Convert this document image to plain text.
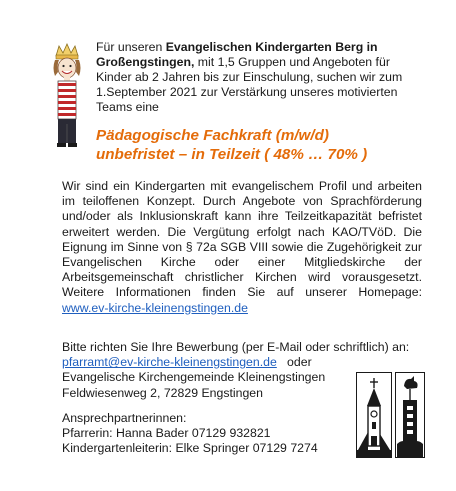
Für unseren Evangelischen Kindergarten Berg in Großengstingen, mit 1,5 Gruppen und Angeboten für Kinder ab 2 Jahren bis zur Einschulung, suchen wir zum 1.September 2021 zur Verstärkung unseres motivierten Teams eine
Pädagogische Fachkraft (m/w/d)
unbefristet – in Teilzeit ( 48% … 70% )
Wir sind ein Kindergarten mit evangelischem Profil und arbeiten im teiloffenen Konzept. Durch Angebote von Sprachförderung und/oder als Inklusionskraft kann ihre Teilzeitkapazität befristet erweitert werden. Die Vergütung erfolgt nach KAO/TVöD. Die Eignung im Sinne von § 72a SGB VIII sowie die Zugehörigkeit zur Evangelischen Kirche oder einer Mitgliedskirche der Arbeitsgemeinschaft christlicher Kirchen wird vorausgesetzt. Weitere Informationen finden Sie auf unserer Homepage: www.ev-kirche-kleinengstingen.de
Bitte richten Sie Ihre Bewerbung (per E-Mail oder schriftlich) an:
pfarramt@ev-kirche-kleinengstingen.de   oder
Evangelische Kirchengemeinde Kleinengstingen
Feldwiesenweg 2, 72829 Engstingen
Ansprechpartnerinnen:
Pfarrerin: Hanna Bader 07129 932821
Kindergartenleiterin: Elke Springer 07129 7274
